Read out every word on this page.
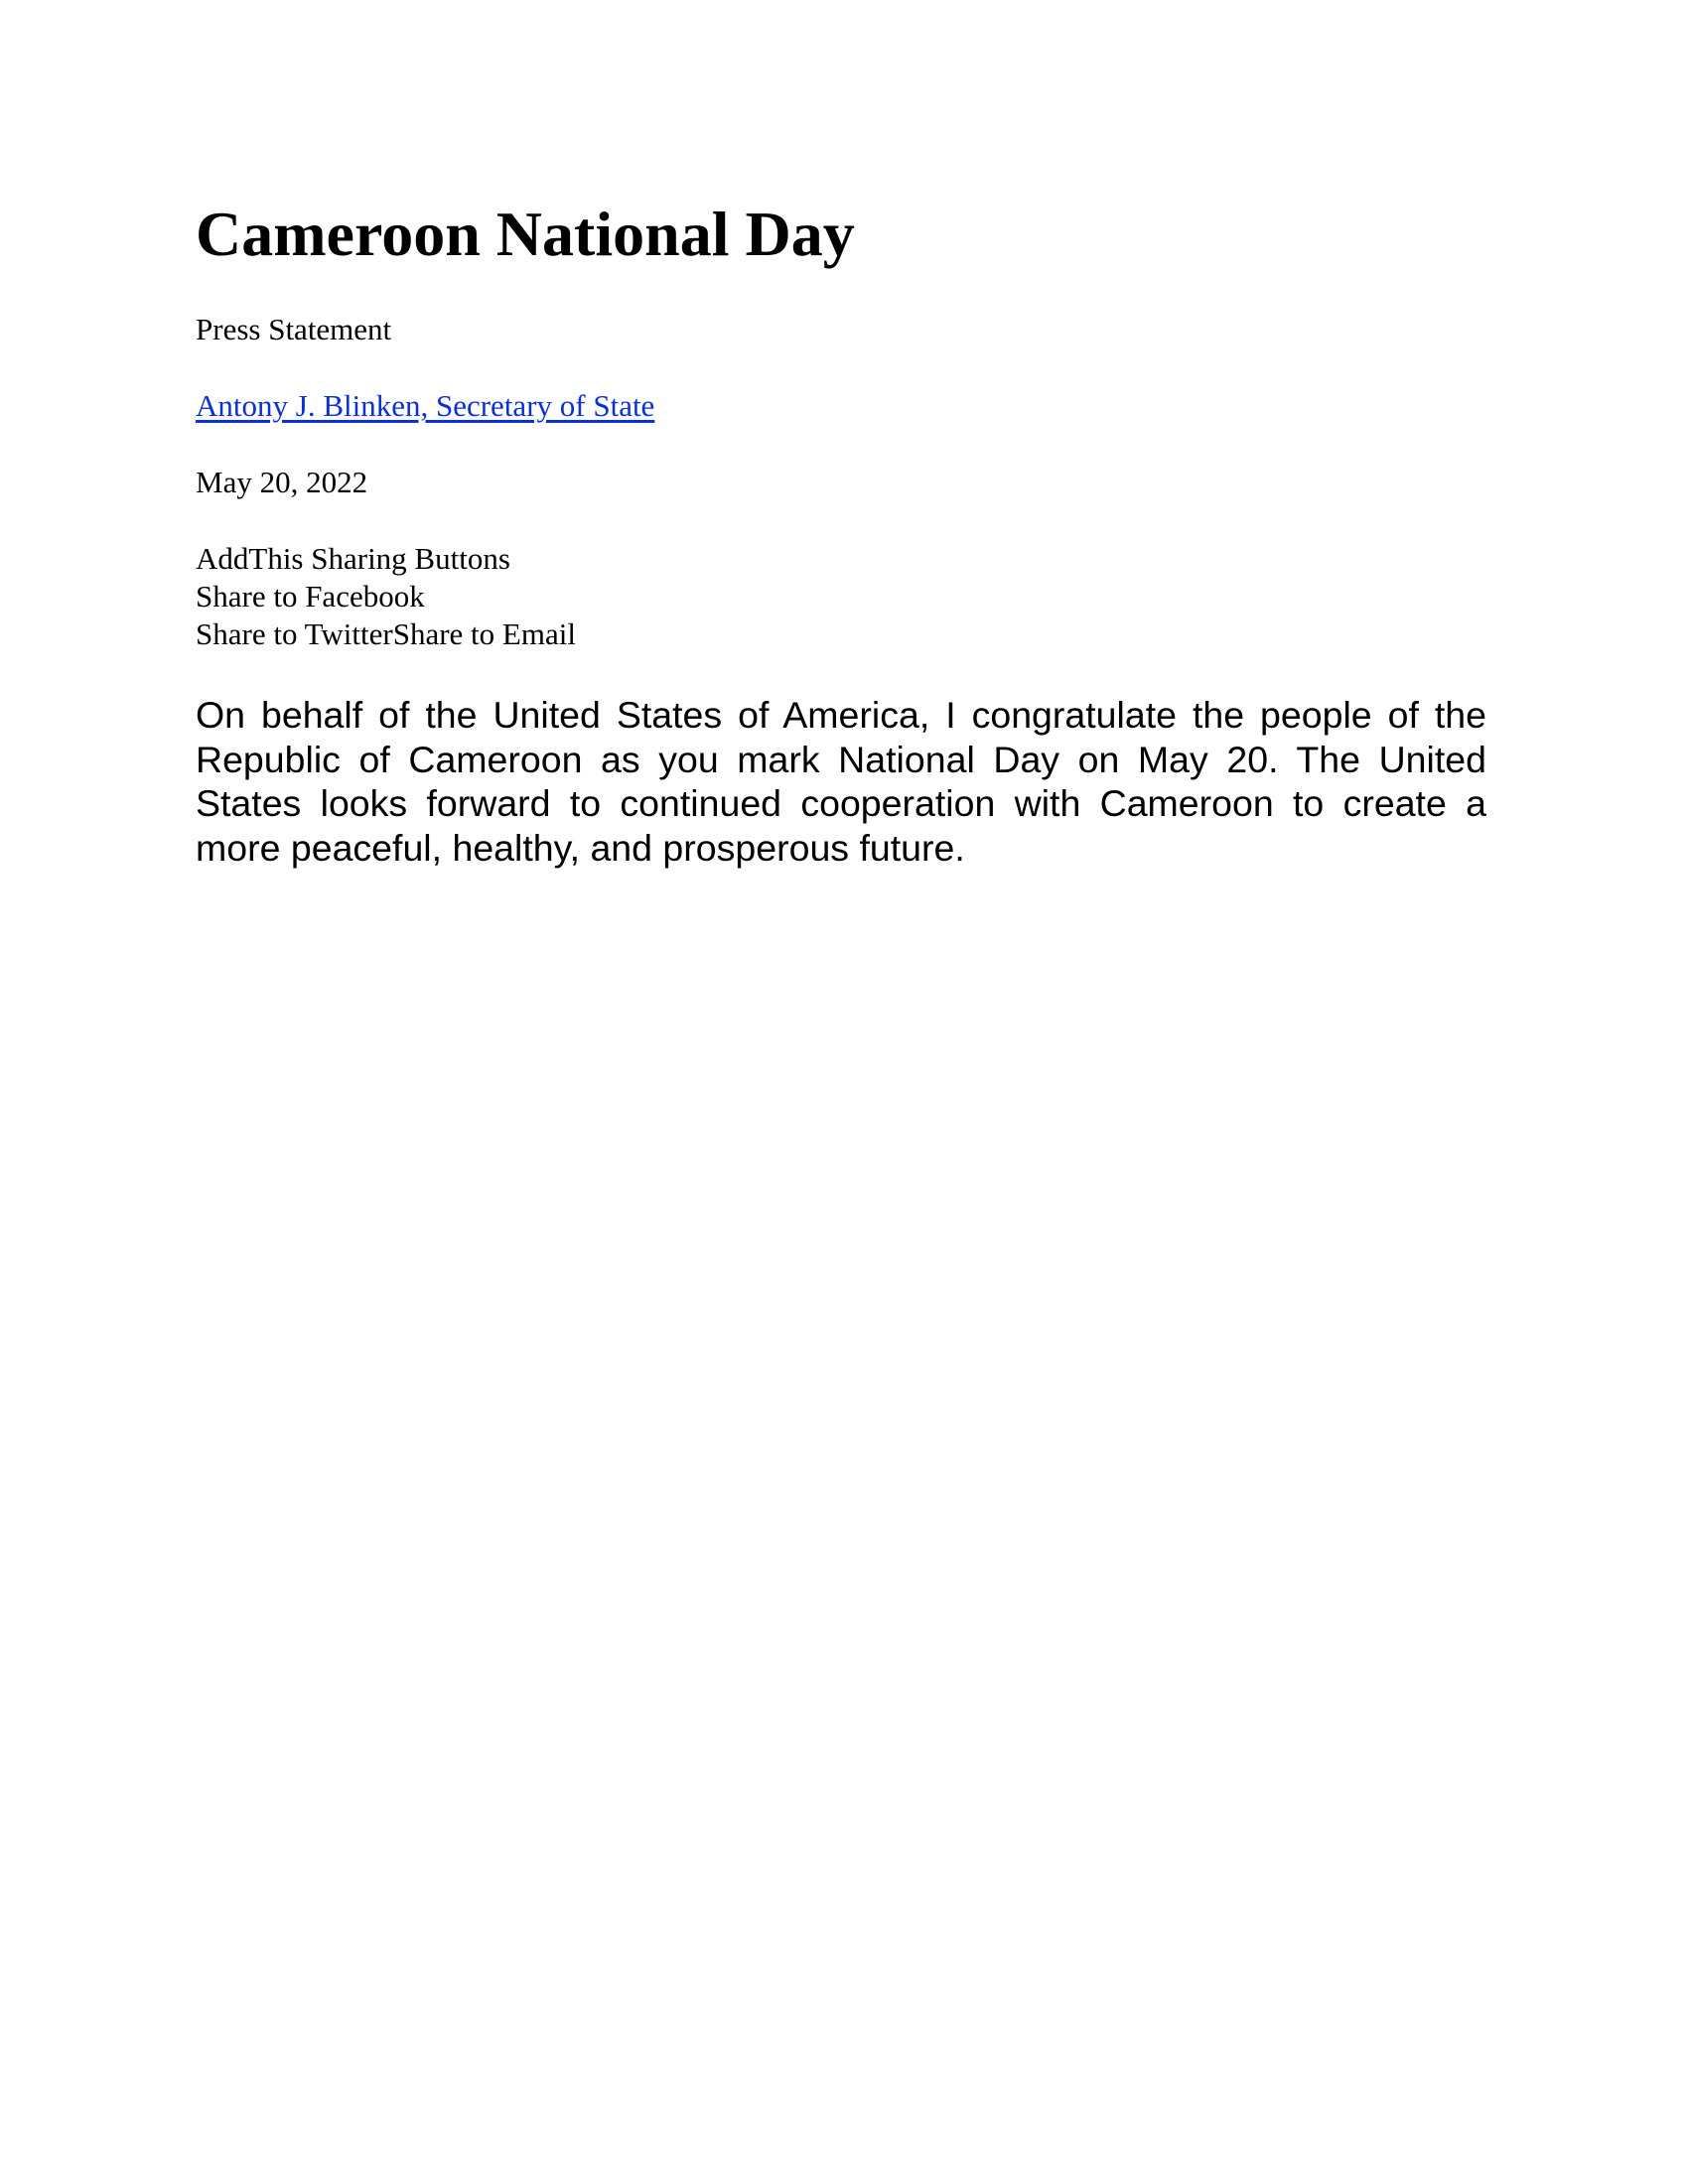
Cameroon National Day

Press Statement

Antony J. Blinken, Secretary of State

May 20, 2022

AddThis Sharing Buttons
Share to Facebook
Share to TwitterShare to Email

On behalf of the United States of America, I congratulate the people of the Republic of Cameroon as you mark National Day on May 20. The United States looks forward to continued cooperation with Cameroon to create a more peaceful, healthy, and prosperous future.
